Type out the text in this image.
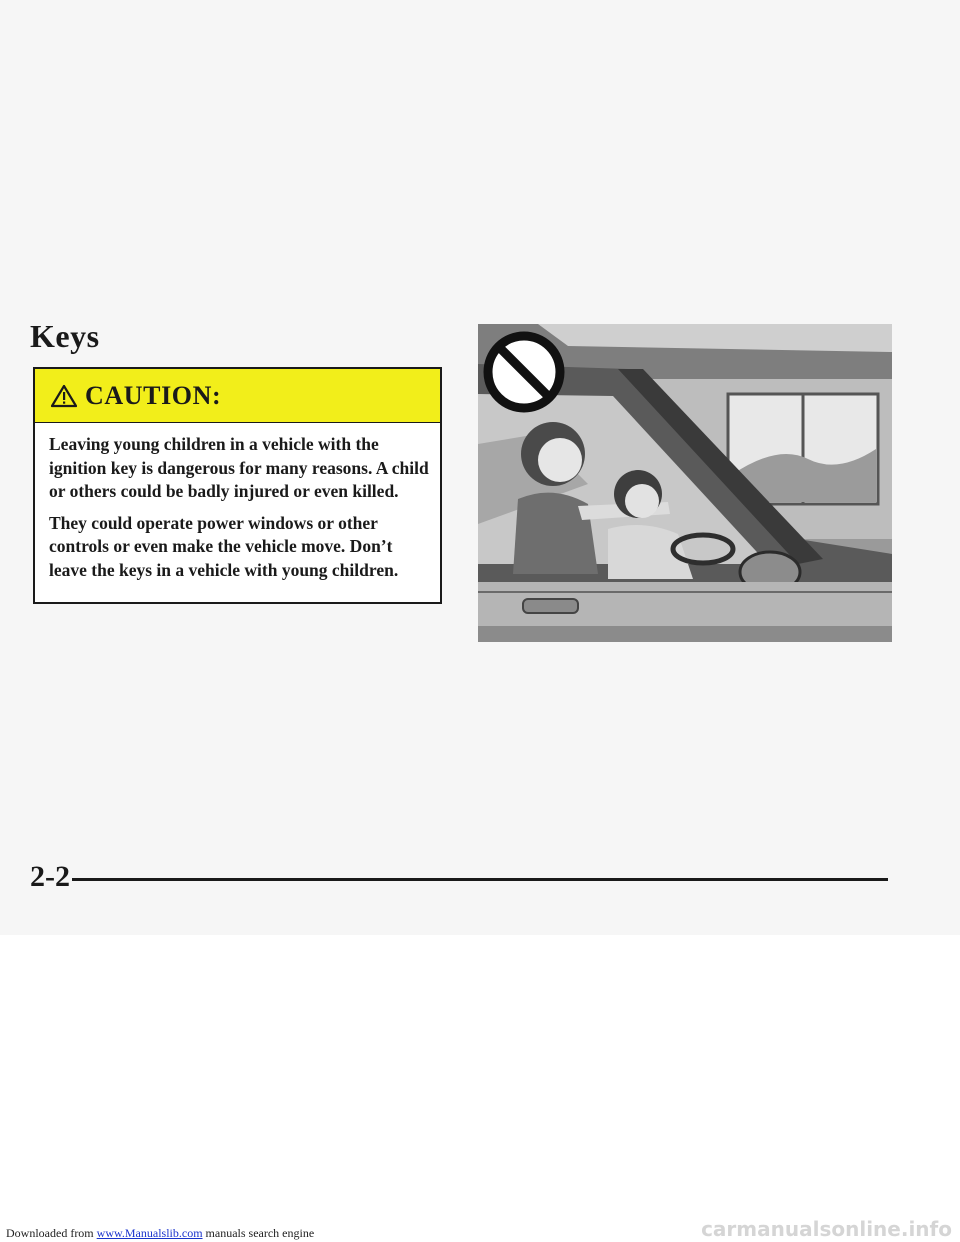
Keys
CAUTION:

Leaving young children in a vehicle with the ignition key is dangerous for many reasons. A child or others could be badly injured or even killed.

They could operate power windows or other controls or even make the vehicle move. Don’t leave the keys in a vehicle with young children.

2-2

Downloaded from www.Manualslib.com manuals search engine	carmanualsonline.info
